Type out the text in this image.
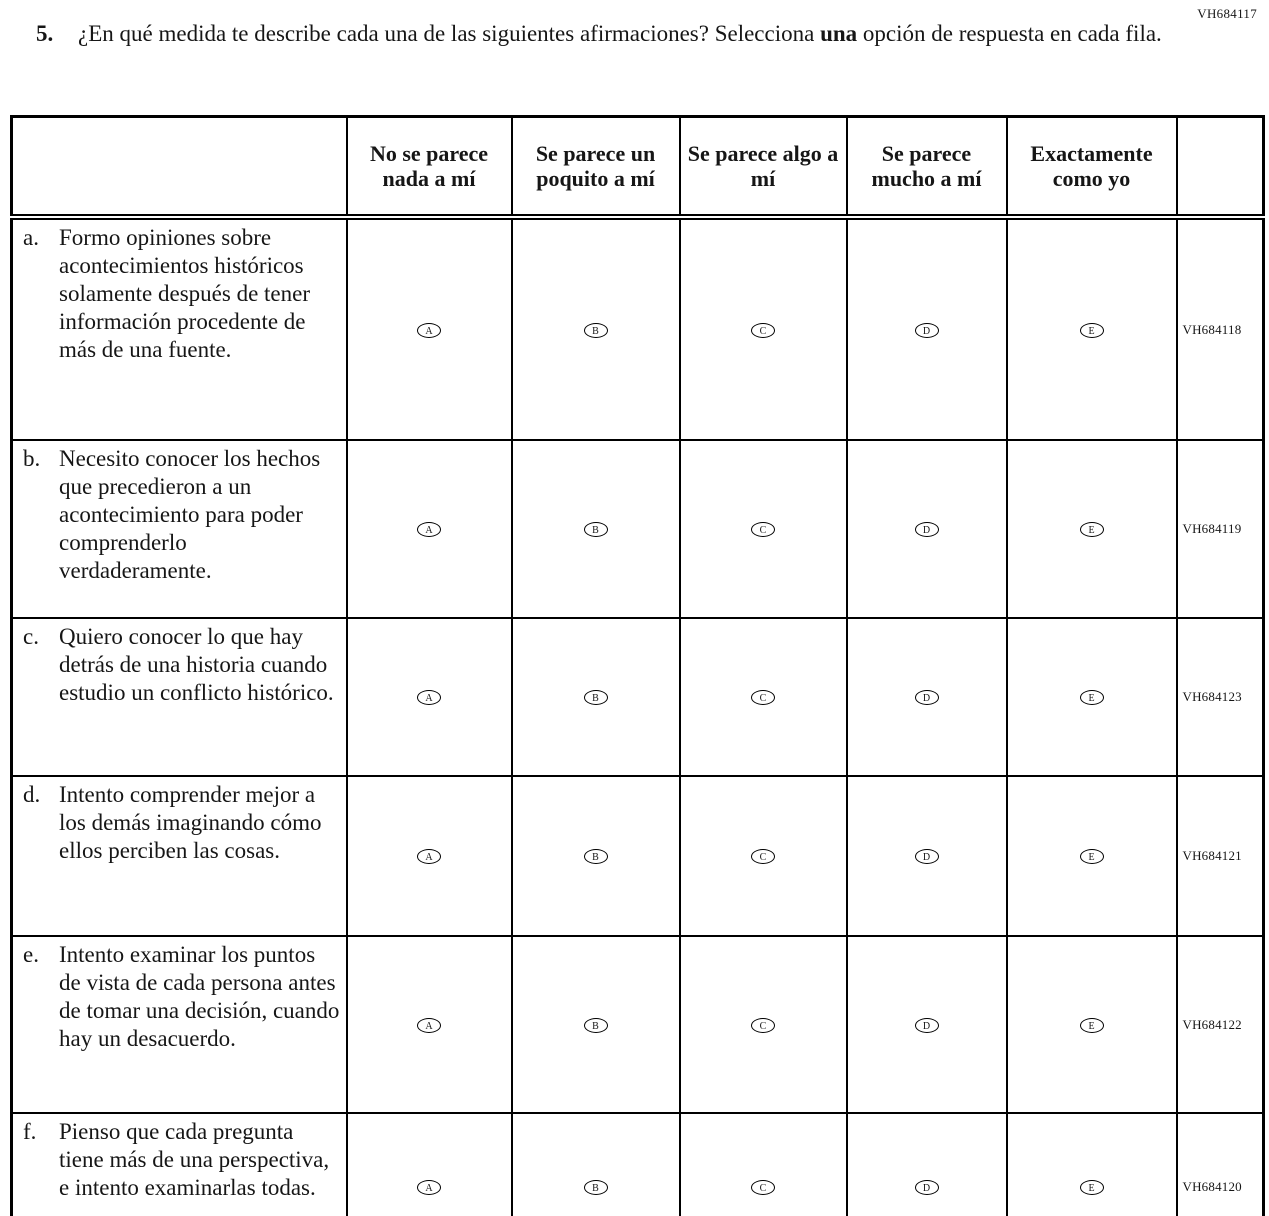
VH684117
5.	¿En qué medida te describe cada una de las siguientes afirmaciones? Selecciona una opción de respuesta en cada fila.
	No se parece nada a mí	Se parece un poquito a mí	Se parece algo a mí	Se parece mucho a mí	Exactamente como yo	

a. Formo opiniones sobre acontecimientos históricos solamente después de tener información procedente de más de una fuente.	A	B	C	D	E	VH684118

b. Necesito conocer los hechos que precedieron a un acontecimiento para poder comprenderlo verdaderamente.	A	B	C	D	E	VH684119

c. Quiero conocer lo que hay detrás de una historia cuando estudio un conflicto histórico.	A	B	C	D	E	VH684123

d. Intento comprender mejor a los demás imaginando cómo ellos perciben las cosas.	A	B	C	D	E	VH684121

e. Intento examinar los puntos de vista de cada persona antes de tomar una decisión, cuando hay un desacuerdo.	A	B	C	D	E	VH684122

f. Pienso que cada pregunta tiene más de una perspectiva, e intento examinarlas todas.	A	B	C	D	E	VH684120
